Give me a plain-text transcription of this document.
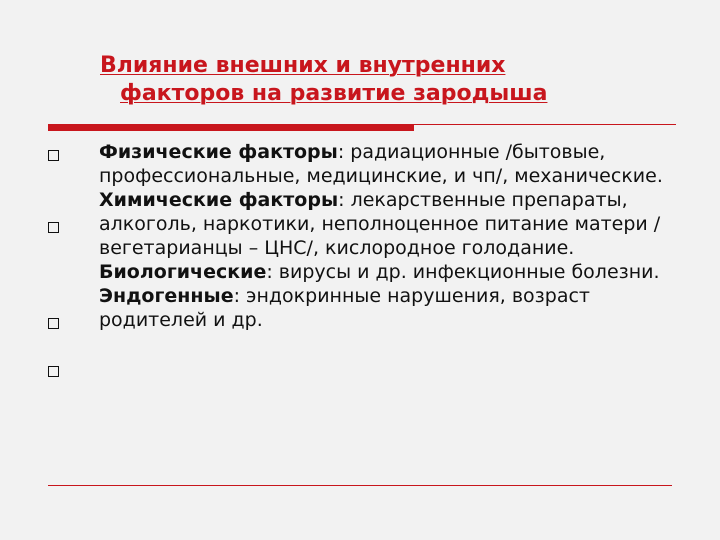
Влияние внешних и внутренних
факторов на развитие зародыша

Физические факторы: радиационные /бытовые, профессиональные, медицинские, и чп/, механические.

Химические факторы: лекарственные препараты, алкоголь, наркотики, неполноценное питание матери /вегетарианцы – ЦНС/, кислородное голодание.

Биологические: вирусы и др. инфекционные болезни.

Эндогенные: эндокринные нарушения, возраст родителей и др.
